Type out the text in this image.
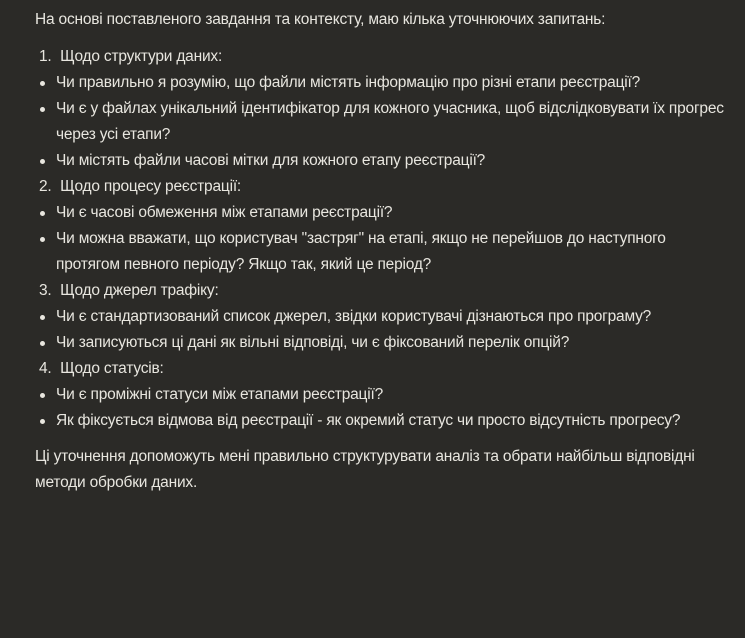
На основі поставленого завдання та контексту, маю кілька уточнюючих запитань:

1. Щодо структури даних:

Чи правильно я розумію, що файли містять інформацію про різні етапи реєстрації?
Чи є у файлах унікальний ідентифікатор для кожного учасника, щоб відслідковувати їх прогрес через усі етапи?
Чи містять файли часові мітки для кожного етапу реєстрації?

2. Щодо процесу реєстрації:

Чи є часові обмеження між етапами реєстрації?
Чи можна вважати, що користувач "застряг" на етапі, якщо не перейшов до наступного протягом певного періоду? Якщо так, який це період?

3. Щодо джерел трафіку:

Чи є стандартизований список джерел, звідки користувачі дізнаються про програму?
Чи записуються ці дані як вільні відповіді, чи є фіксований перелік опцій?

4. Щодо статусів:

Чи є проміжні статуси між етапами реєстрації?
Як фіксується відмова від реєстрації - як окремий статус чи просто відсутність прогресу?

Ці уточнення допоможуть мені правильно структурувати аналіз та обрати найбільш відповідні методи обробки даних.
